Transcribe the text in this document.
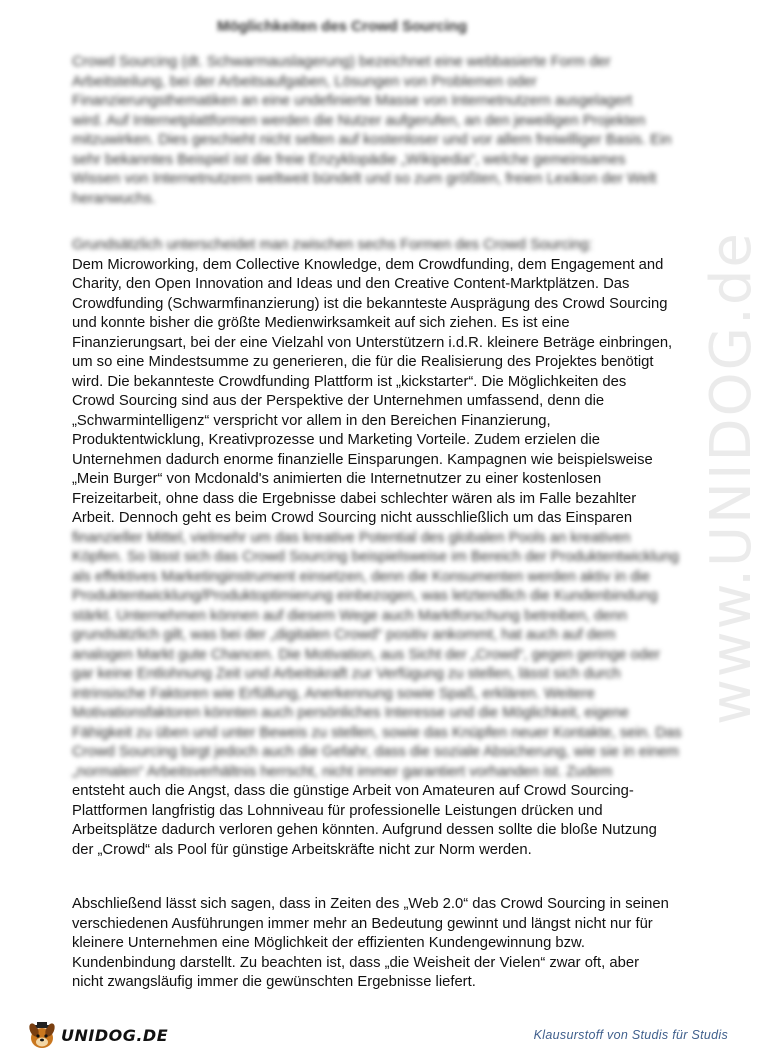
www.UNIDOG.de
Möglichkeiten des Crowd Sourcing
Crowd Sourcing (dt. Schwarmauslagerung) bezeichnet eine webbasierte Form der
Arbeitsteilung, bei der Arbeitsaufgaben, Lösungen von Problemen oder
Finanzierungsthematiken an eine undefinierte Masse von Internetnutzern ausgelagert
wird. Auf Internetplattformen werden die Nutzer aufgerufen, an den jeweiligen Projekten
mitzuwirken. Dies geschieht nicht selten auf kostenloser und vor allem freiwilliger Basis. Ein
sehr bekanntes Beispiel ist die freie Enzyklopädie „Wikipedia“, welche gemeinsames
Wissen von Internetnutzern weltweit bündelt und so zum größten, freien Lexikon der Welt
heranwuchs.
Grundsätzlich unterscheidet man zwischen sechs Formen des Crowd Sourcing:
Dem Microworking, dem Collective Knowledge, dem Crowdfunding, dem Engagement and
Charity, den Open Innovation and Ideas und den Creative Content-Marktplätzen. Das
Crowdfunding (Schwarmfinanzierung) ist die bekannteste Ausprägung des Crowd Sourcing
und konnte bisher die größte Medienwirksamkeit auf sich ziehen. Es ist eine
Finanzierungsart, bei der eine Vielzahl von Unterstützern i.d.R. kleinere Beträge einbringen,
um so eine Mindestsumme zu generieren, die für die Realisierung des Projektes benötigt
wird. Die bekannteste Crowdfunding Plattform ist „kickstarter“. Die Möglichkeiten des
Crowd Sourcing sind aus der Perspektive der Unternehmen umfassend, denn die
„Schwarmintelligenz“ verspricht vor allem in den Bereichen Finanzierung,
Produktentwicklung, Kreativprozesse und Marketing Vorteile. Zudem erzielen die
Unternehmen dadurch enorme finanzielle Einsparungen. Kampagnen wie beispielsweise
„Mein Burger“ von Mcdonald's animierten die Internetnutzer zu einer kostenlosen
Freizeitarbeit, ohne dass die Ergebnisse dabei schlechter wären als im Falle bezahlter
Arbeit. Dennoch geht es beim Crowd Sourcing nicht ausschließlich um das Einsparen
finanzieller Mittel, vielmehr um das kreative Potential des globalen Pools an kreativen
Köpfen. So lässt sich das Crowd Sourcing beispielsweise im Bereich der Produktentwicklung
als effektives Marketinginstrument einsetzen, denn die Konsumenten werden aktiv in die
Produktentwicklung/Produktoptimierung einbezogen, was letztendlich die Kundenbindung
stärkt. Unternehmen können auf diesem Wege auch Marktforschung betreiben, denn
grundsätzlich gilt, was bei der „digitalen Crowd“ positiv ankommt, hat auch auf dem
analogen Markt gute Chancen. Die Motivation, aus Sicht der „Crowd“, gegen geringe oder
gar keine Entlohnung Zeit und Arbeitskraft zur Verfügung zu stellen, lässt sich durch
intrinsische Faktoren wie Erfüllung, Anerkennung sowie Spaß, erklären. Weitere
Motivationsfaktoren könnten auch persönliches Interesse und die Möglichkeit, eigene
Fähigkeit zu üben und unter Beweis zu stellen, sowie das Knüpfen neuer Kontakte, sein. Das
Crowd Sourcing birgt jedoch auch die Gefahr, dass die soziale Absicherung, wie sie in einem
„normalen“ Arbeitsverhältnis herrscht, nicht immer garantiert vorhanden ist. Zudem
entsteht auch die Angst, dass die günstige Arbeit von Amateuren auf Crowd Sourcing-
Plattformen langfristig das Lohnniveau für professionelle Leistungen drücken und
Arbeitsplätze dadurch verloren gehen könnten. Aufgrund dessen sollte die bloße Nutzung
der „Crowd“ als Pool für günstige Arbeitskräfte nicht zur Norm werden.
Abschließend lässt sich sagen, dass in Zeiten des „Web 2.0“ das Crowd Sourcing in seinen
verschiedenen Ausführungen immer mehr an Bedeutung gewinnt und längst nicht nur für
kleinere Unternehmen eine Möglichkeit der effizienten Kundengewinnung bzw.
Kundenbindung darstellt. Zu beachten ist, dass „die Weisheit der Vielen“ zwar oft, aber
nicht zwangsläufig immer die gewünschten Ergebnisse liefert.
UNIDOG.DE	Klausurstoff von Studis für Studis
